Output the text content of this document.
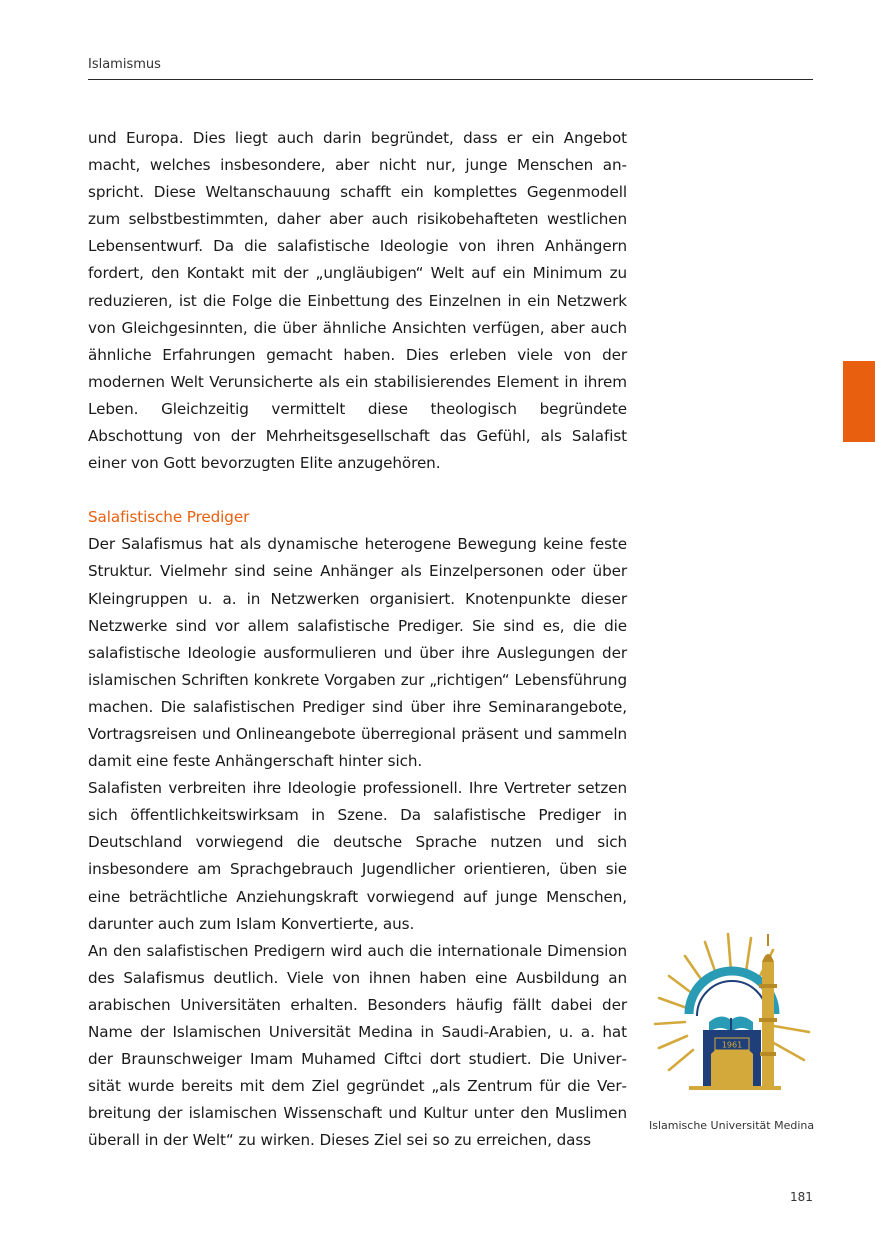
Islamismus

und Europa. Dies liegt auch darin begründet, dass er ein Angebot macht, welches insbesondere, aber nicht nur, junge Menschen anspricht. Diese Weltanschauung schafft ein komplettes Gegenmodell zum selbstbestimmten, daher aber auch risikobehafteten westlichen Lebensentwurf. Da die salafistische Ideologie von ihren Anhängern fordert, den Kontakt mit der „ungläubigen“ Welt auf ein Minimum zu reduzieren, ist die Folge die Einbettung des Einzelnen in ein Netzwerk von Gleichgesinnten, die über ähnliche Ansichten verfügen, aber auch ähnliche Erfahrungen gemacht haben. Dies erleben viele von der modernen Welt Verunsicherte als ein stabilisierendes Element in ihrem Leben. Gleichzeitig vermittelt diese theologisch begründete Abschottung von der Mehrheitsgesellschaft das Gefühl, als Salafist einer von Gott bevorzugten Elite anzugehören.

Salafistische Prediger

Der Salafismus hat als dynamische heterogene Bewegung keine feste Struktur. Vielmehr sind seine Anhänger als Einzelpersonen oder über Kleingruppen u. a. in Netzwerken organisiert. Knotenpunkte dieser Netzwerke sind vor allem salafistische Prediger. Sie sind es, die die salafistische Ideologie ausformulieren und über ihre Auslegungen der islamischen Schriften konkrete Vorgaben zur „richtigen“ Lebensführung machen. Die salafistischen Prediger sind über ihre Seminarangebote, Vortragsreisen und Onlineangebote überregional präsent und sammeln damit eine feste Anhängerschaft hinter sich.

Salafisten verbreiten ihre Ideologie professionell. Ihre Vertreter setzen sich öffentlichkeitswirksam in Szene. Da salafistische Prediger in Deutschland vorwiegend die deutsche Sprache nutzen und sich insbesondere am Sprachgebrauch Jugendlicher orientieren, üben sie eine beträchtliche Anziehungskraft vorwiegend auf junge Menschen, darunter auch zum Islam Konvertierte, aus.

An den salafistischen Predigern wird auch die internationale Dimension des Salafismus deutlich. Viele von ihnen haben eine Ausbildung an arabischen Universitäten erhalten. Besonders häufig fällt dabei der Name der Islamischen Universität Medina in Saudi-Arabien, u. a. hat der Braunschweiger Imam Muhamed Ciftci dort studiert. Die Universität wurde bereits mit dem Ziel gegründet „als Zentrum für die Verbreitung der islamischen Wissenschaft und Kultur unter den Muslimen überall in der Welt“ zu wirken. Dieses Ziel sei so zu erreichen, dass

1961
Islamische Universität Medina
181
